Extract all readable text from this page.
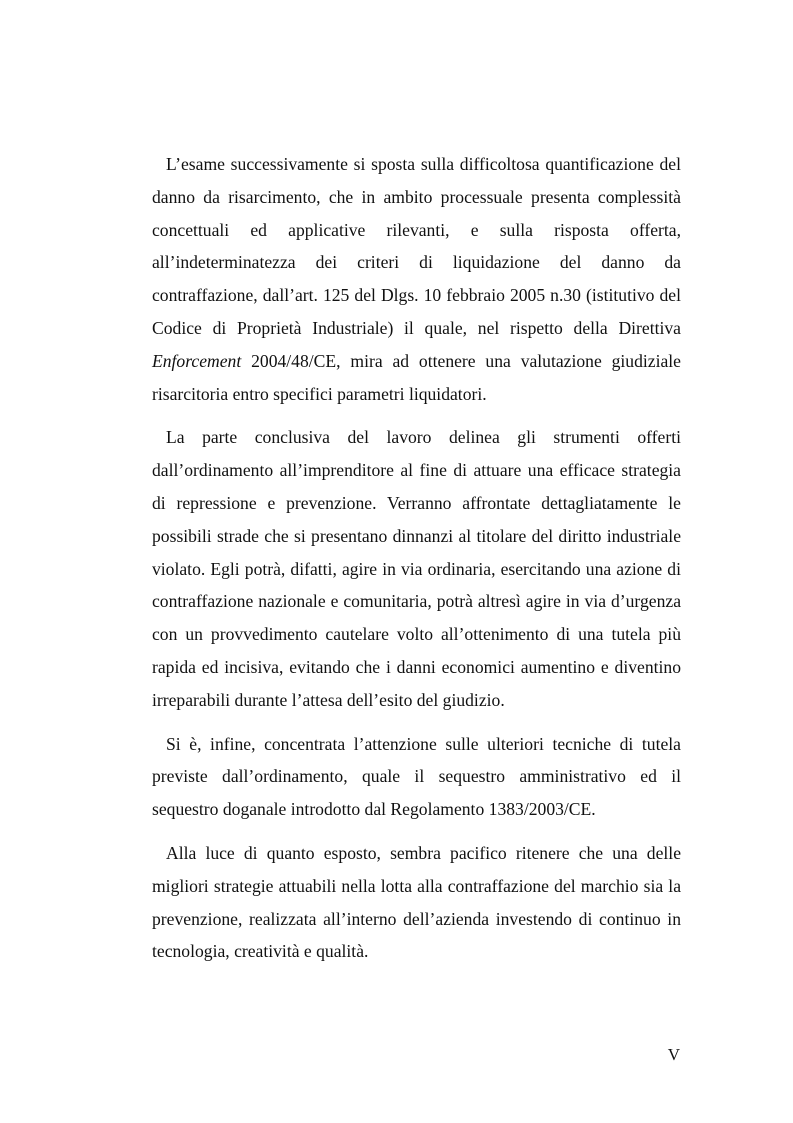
L’esame successivamente si sposta sulla difficoltosa quantificazione del danno da risarcimento, che in ambito processuale presenta complessità concettuali ed applicative rilevanti, e sulla risposta offerta, all’indeterminatezza dei criteri di liquidazione del danno da contraffazione, dall’art. 125 del Dlgs. 10 febbraio 2005 n.30 (istitutivo del Codice di Proprietà Industriale) il quale, nel rispetto della Direttiva Enforcement 2004/48/CE, mira ad ottenere una valutazione giudiziale risarcitoria entro specifici parametri liquidatori.

La parte conclusiva del lavoro delinea gli strumenti offerti dall’ordinamento all’imprenditore al fine di attuare una efficace strategia di repressione e prevenzione. Verranno affrontate dettagliatamente le possibili strade che si presentano dinnanzi al titolare del diritto industriale violato. Egli potrà, difatti, agire in via ordinaria, esercitando una azione di contraffazione nazionale e comunitaria, potrà altresì agire in via d’urgenza con un provvedimento cautelare volto all’ottenimento di una tutela più rapida ed incisiva, evitando che i danni economici aumentino e diventino irreparabili durante l’attesa dell’esito del giudizio.

Si è, infine, concentrata l’attenzione sulle ulteriori tecniche di tutela previste dall’ordinamento, quale il sequestro amministrativo ed il sequestro doganale introdotto dal Regolamento 1383/2003/CE.

Alla luce di quanto esposto, sembra pacifico ritenere che una delle migliori strategie attuabili nella lotta alla contraffazione del marchio sia la prevenzione, realizzata all’interno dell’azienda investendo di continuo in tecnologia, creatività e qualità.

V
